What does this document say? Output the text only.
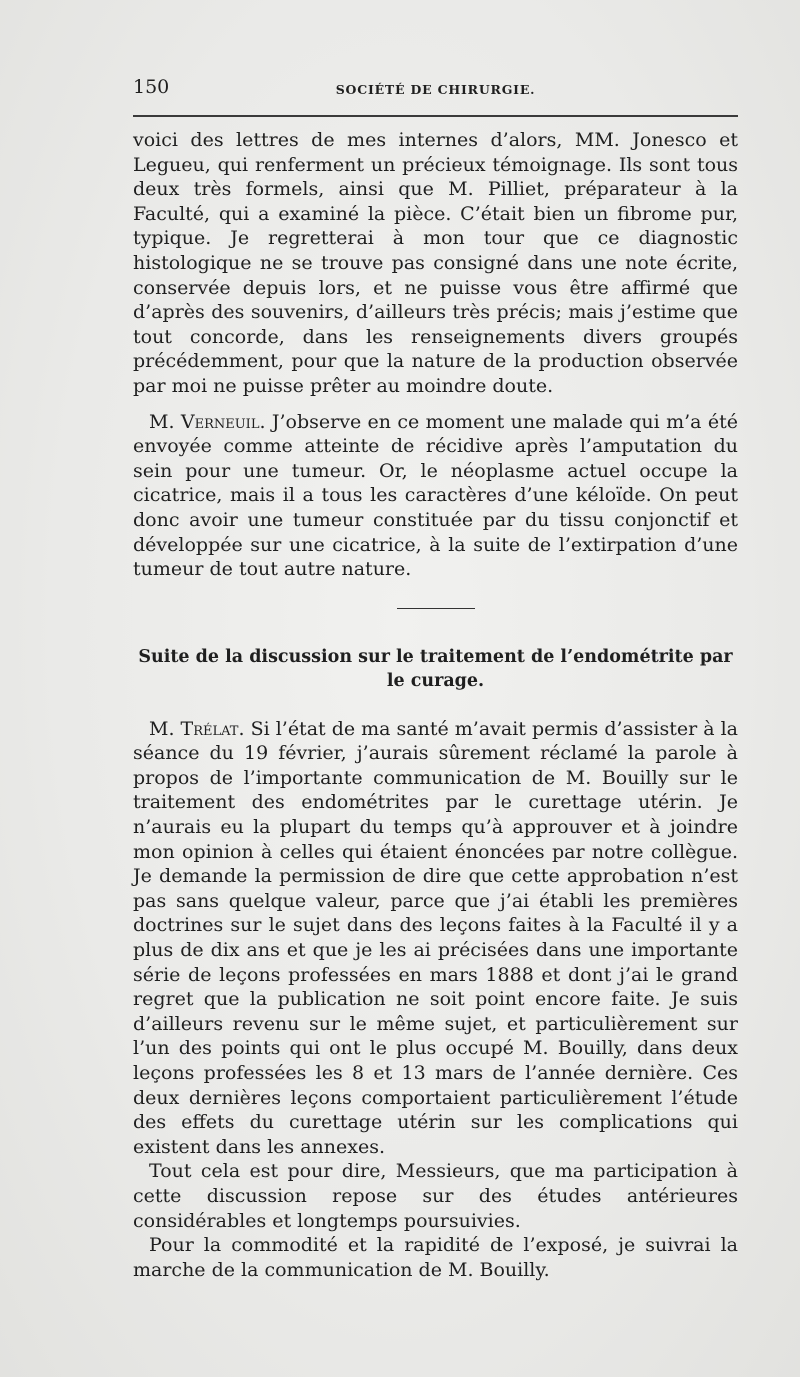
150	SOCIÉTÉ DE CHIRURGIE.

voici des lettres de mes internes d’alors, MM. Jonesco et Legueu, qui renferment un précieux témoignage. Ils sont tous deux très formels, ainsi que M. Pilliet, préparateur à la Faculté, qui a examiné la pièce. C’était bien un fibrome pur, typique. Je regretterai à mon tour que ce diagnostic histologique ne se trouve pas consigné dans une note écrite, conservée depuis lors, et ne puisse vous être affirmé que d’après des souvenirs, d’ailleurs très précis; mais j’estime que tout concorde, dans les renseignements divers groupés précédemment, pour que la nature de la production observée par moi ne puisse prêter au moindre doute.

M. Verneuil. J’observe en ce moment une malade qui m’a été envoyée comme atteinte de récidive après l’amputation du sein pour une tumeur. Or, le néoplasme actuel occupe la cicatrice, mais il a tous les caractères d’une kéloïde. On peut donc avoir une tumeur constituée par du tissu conjonctif et développée sur une cicatrice, à la suite de l’extirpation d’une tumeur de tout autre nature.

Suite de la discussion sur le traitement de l’endométrite par le curage.

M. Trélat. Si l’état de ma santé m’avait permis d’assister à la séance du 19 février, j’aurais sûrement réclamé la parole à propos de l’importante communication de M. Bouilly sur le traitement des endométrites par le curettage utérin. Je n’aurais eu la plupart du temps qu’à approuver et à joindre mon opinion à celles qui étaient énoncées par notre collègue. Je demande la permission de dire que cette approbation n’est pas sans quelque valeur, parce que j’ai établi les premières doctrines sur le sujet dans des leçons faites à la Faculté il y a plus de dix ans et que je les ai précisées dans une importante série de leçons professées en mars 1888 et dont j’ai le grand regret que la publication ne soit point encore faite. Je suis d’ailleurs revenu sur le même sujet, et particulièrement sur l’un des points qui ont le plus occupé M. Bouilly, dans deux leçons professées les 8 et 13 mars de l’année dernière. Ces deux dernières leçons comportaient particulièrement l’étude des effets du curettage utérin sur les complications qui existent dans les annexes.

Tout cela est pour dire, Messieurs, que ma participation à cette discussion repose sur des études antérieures considérables et longtemps poursuivies.

Pour la commodité et la rapidité de l’exposé, je suivrai la marche de la communication de M. Bouilly.
